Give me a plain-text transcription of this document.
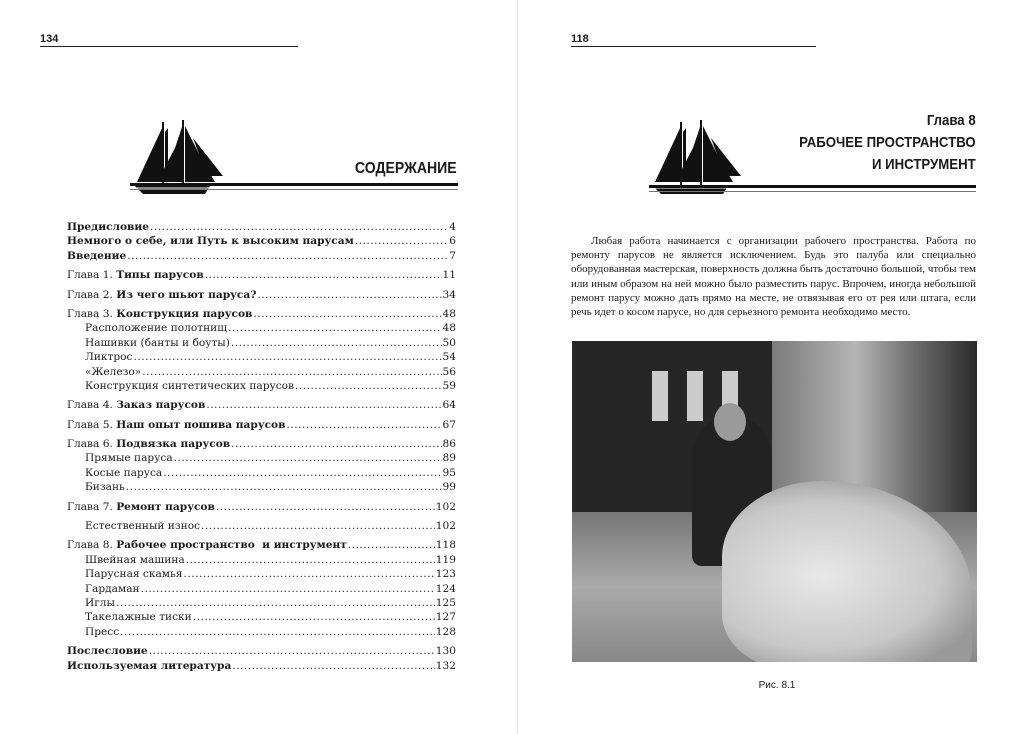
134
СОДЕРЖАНИЕ
Предисловие .....	4
Немного о себе, или Путь к высоким парусам .....	6
Введение .....	7
Глава 1. Типы парусов .....	11
Глава 2. Из чего шьют паруса? .....	34
Глава 3. Конструкция парусов .....	48
Расположение полотнищ .....	48
Нашивки (банты и боуты) .....	50
Ликтрос .....	54
«Железо» .....	56
Конструкция синтетических парусов .....	59
Глава 4. Заказ парусов .....	64
Глава 5. Наш опыт пошива парусов .....	67
Глава 6. Подвязка парусов .....	86
Прямые паруса .....	89
Косые паруса .....	95
Бизань .....	99
Глава 7. Ремонт парусов .....	102
Естественный износ .....	102
Глава 8. Рабочее пространство  и инструмент .....	118
Швейная машина .....	119
Парусная скамья .....	123
Гардаман .....	124
Иглы .....	125
Такелажные тиски .....	127
Пресс .....	128
Послесловие .....	130
Используемая литература .....	132
118
Глава 8
РАБОЧЕЕ ПРОСТРАНСТВО
И ИНСТРУМЕНТ
Любая работа начинается с организации рабочего пространства. Работа по ремонту парусов не является исключением. Будь это палуба или специально оборудованная мастерская, поверхность должна быть достаточно большой, чтобы тем или иным образом на ней можно было разместить парус. Впрочем, иногда небольшой ремонт парусу можно дать прямо на месте, не отвязывая его от рея или штага, если речь идет о косом парусе, но для серьезного ремонта необходимо место.
Рис. 8.1
